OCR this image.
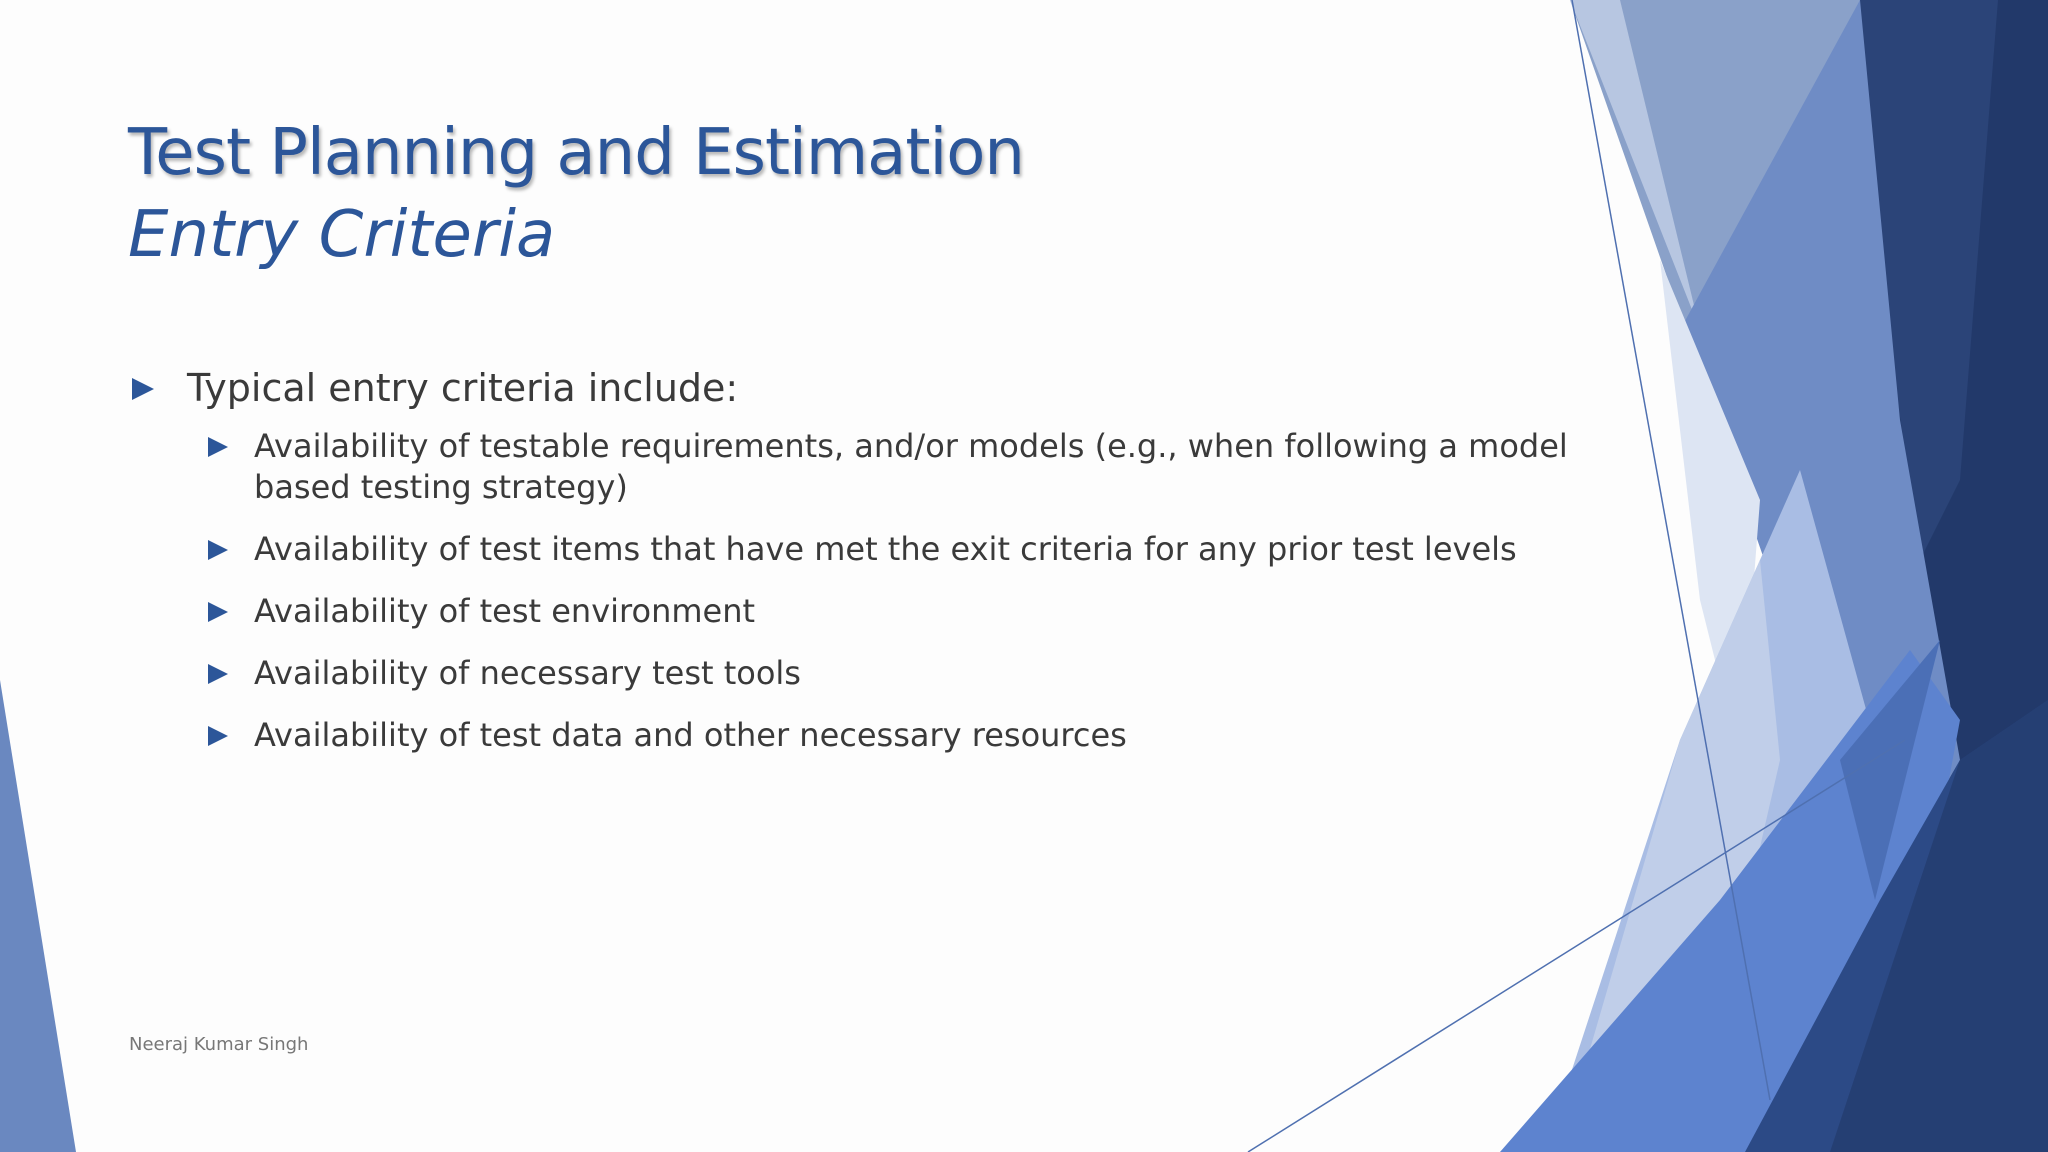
Test Planning and Estimation
Entry Criteria
Typical entry criteria include:
Availability of testable requirements, and/or models (e.g., when following a model based testing strategy)
Availability of test items that have met the exit criteria for any prior test levels
Availability of test environment
Availability of necessary test tools
Availability of test data and other necessary resources
Neeraj Kumar Singh
